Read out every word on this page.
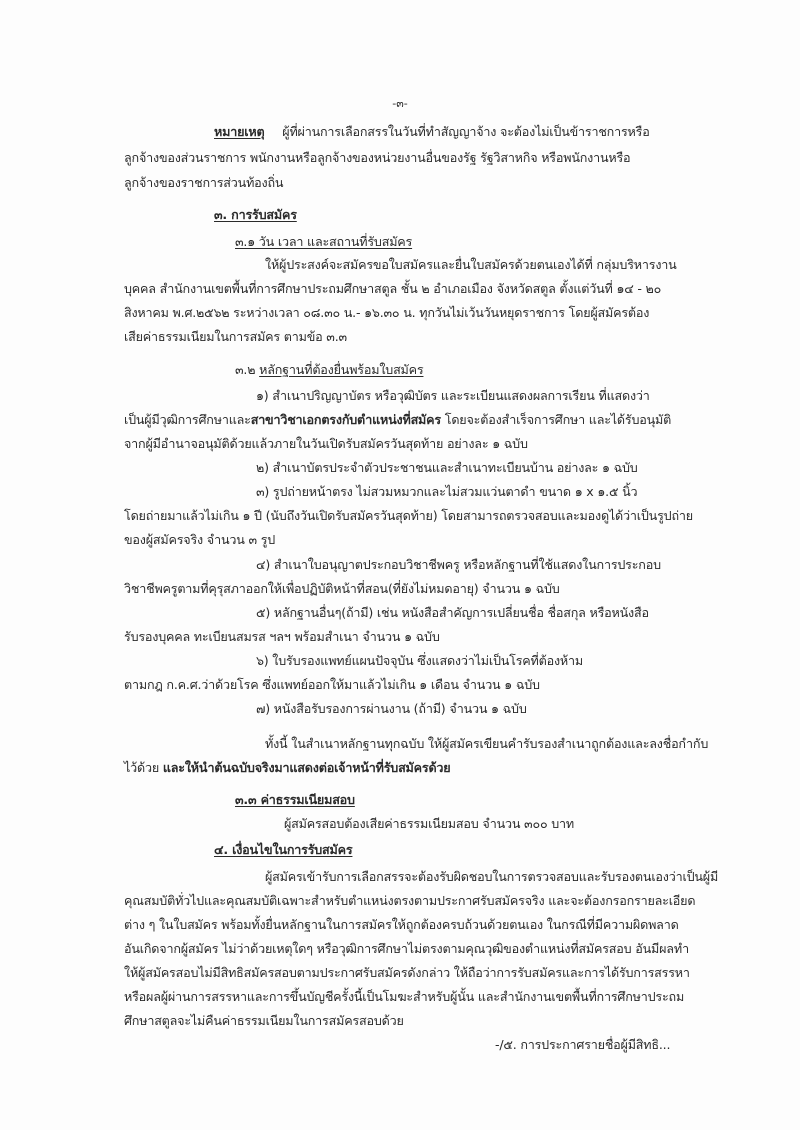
-๓-
หมายเหตุ ผู้ที่ผ่านการเลือกสรรในวันที่ทำสัญญาจ้าง จะต้องไม่เป็นข้าราชการหรือ
ลูกจ้างของส่วนราชการ พนักงานหรือลูกจ้างของหน่วยงานอื่นของรัฐ รัฐวิสาหกิจ หรือพนักงานหรือ
ลูกจ้างของราชการส่วนท้องถิ่น
๓. การรับสมัคร
๓.๑ วัน เวลา และสถานที่รับสมัคร
ให้ผู้ประสงค์จะสมัครขอใบสมัครและยื่นใบสมัครด้วยตนเองได้ที่ กลุ่มบริหารงาน
บุคคล สำนักงานเขตพื้นที่การศึกษาประถมศึกษาสตูล ชั้น ๒ อำเภอเมือง จังหวัดสตูล ตั้งแต่วันที่ ๑๔ - ๒๐
สิงหาคม พ.ศ.๒๕๖๒ ระหว่างเวลา ๐๘.๓๐ น.- ๑๖.๓๐ น. ทุกวันไม่เว้นวันหยุดราชการ โดยผู้สมัครต้อง
เสียค่าธรรมเนียมในการสมัคร ตามข้อ ๓.๓
๓.๒ หลักฐานที่ต้องยื่นพร้อมใบสมัคร
๑) สำเนาปริญญาบัตร หรือวุฒิบัตร และระเบียนแสดงผลการเรียน ที่แสดงว่า
เป็นผู้มีวุฒิการศึกษาและสาขาวิชาเอกตรงกับตำแหน่งที่สมัคร โดยจะต้องสำเร็จการศึกษา และได้รับอนุมัติ
จากผู้มีอำนาจอนุมัติด้วยแล้วภายในวันเปิดรับสมัครวันสุดท้าย อย่างละ ๑ ฉบับ
๒) สำเนาบัตรประจำตัวประชาชนและสำเนาทะเบียนบ้าน อย่างละ ๑ ฉบับ
๓) รูปถ่ายหน้าตรง ไม่สวมหมวกและไม่สวมแว่นตาดำ ขนาด ๑ x ๑.๕ นิ้ว
โดยถ่ายมาแล้วไม่เกิน ๑ ปี (นับถึงวันเปิดรับสมัครวันสุดท้าย) โดยสามารถตรวจสอบและมองดูได้ว่าเป็นรูปถ่าย
ของผู้สมัครจริง จำนวน ๓ รูป
๔) สำเนาใบอนุญาตประกอบวิชาชีพครู หรือหลักฐานที่ใช้แสดงในการประกอบ
วิชาชีพครูตามที่คุรุสภาออกให้เพื่อปฏิบัติหน้าที่สอน(ที่ยังไม่หมดอายุ) จำนวน ๑ ฉบับ
๕) หลักฐานอื่นๆ(ถ้ามี) เช่น หนังสือสำคัญการเปลี่ยนชื่อ ชื่อสกุล หรือหนังสือ
รับรองบุคคล ทะเบียนสมรส ฯลฯ พร้อมสำเนา จำนวน ๑ ฉบับ
๖) ใบรับรองแพทย์แผนปัจจุบัน ซึ่งแสดงว่าไม่เป็นโรคที่ต้องห้าม
ตามกฎ ก.ค.ศ.ว่าด้วยโรค ซึ่งแพทย์ออกให้มาแล้วไม่เกิน ๑ เดือน จำนวน ๑ ฉบับ
๗) หนังสือรับรองการผ่านงาน (ถ้ามี) จำนวน ๑ ฉบับ
ทั้งนี้ ในสำเนาหลักฐานทุกฉบับ ให้ผู้สมัครเขียนคำรับรองสำเนาถูกต้องและลงชื่อกำกับ
ไว้ด้วย และให้นำต้นฉบับจริงมาแสดงต่อเจ้าหน้าที่รับสมัครด้วย
๓.๓ ค่าธรรมเนียมสอบ
ผู้สมัครสอบต้องเสียค่าธรรมเนียมสอบ จำนวน ๓๐๐ บาท
๔. เงื่อนไขในการรับสมัคร
ผู้สมัครเข้ารับการเลือกสรรจะต้องรับผิดชอบในการตรวจสอบและรับรองตนเองว่าเป็นผู้มี
คุณสมบัติทั่วไปและคุณสมบัติเฉพาะสำหรับตำแหน่งตรงตามประกาศรับสมัครจริง และจะต้องกรอกรายละเอียด
ต่าง ๆ ในใบสมัคร พร้อมทั้งยื่นหลักฐานในการสมัครให้ถูกต้องครบถ้วนด้วยตนเอง ในกรณีที่มีความผิดพลาด
อันเกิดจากผู้สมัคร ไม่ว่าด้วยเหตุใดๆ หรือวุฒิการศึกษาไม่ตรงตามคุณวุฒิของตำแหน่งที่สมัครสอบ อันมีผลทำ
ให้ผู้สมัครสอบไม่มีสิทธิสมัครสอบตามประกาศรับสมัครดังกล่าว ให้ถือว่าการรับสมัครและการได้รับการสรรหา
หรือผลผู้ผ่านการสรรหาและการขึ้นบัญชีครั้งนี้เป็นโมฆะสำหรับผู้นั้น และสำนักงานเขตพื้นที่การศึกษาประถม
ศึกษาสตูลจะไม่คืนค่าธรรมเนียมในการสมัครสอบด้วย
-/๕. การประกาศรายชื่อผู้มีสิทธิ...
